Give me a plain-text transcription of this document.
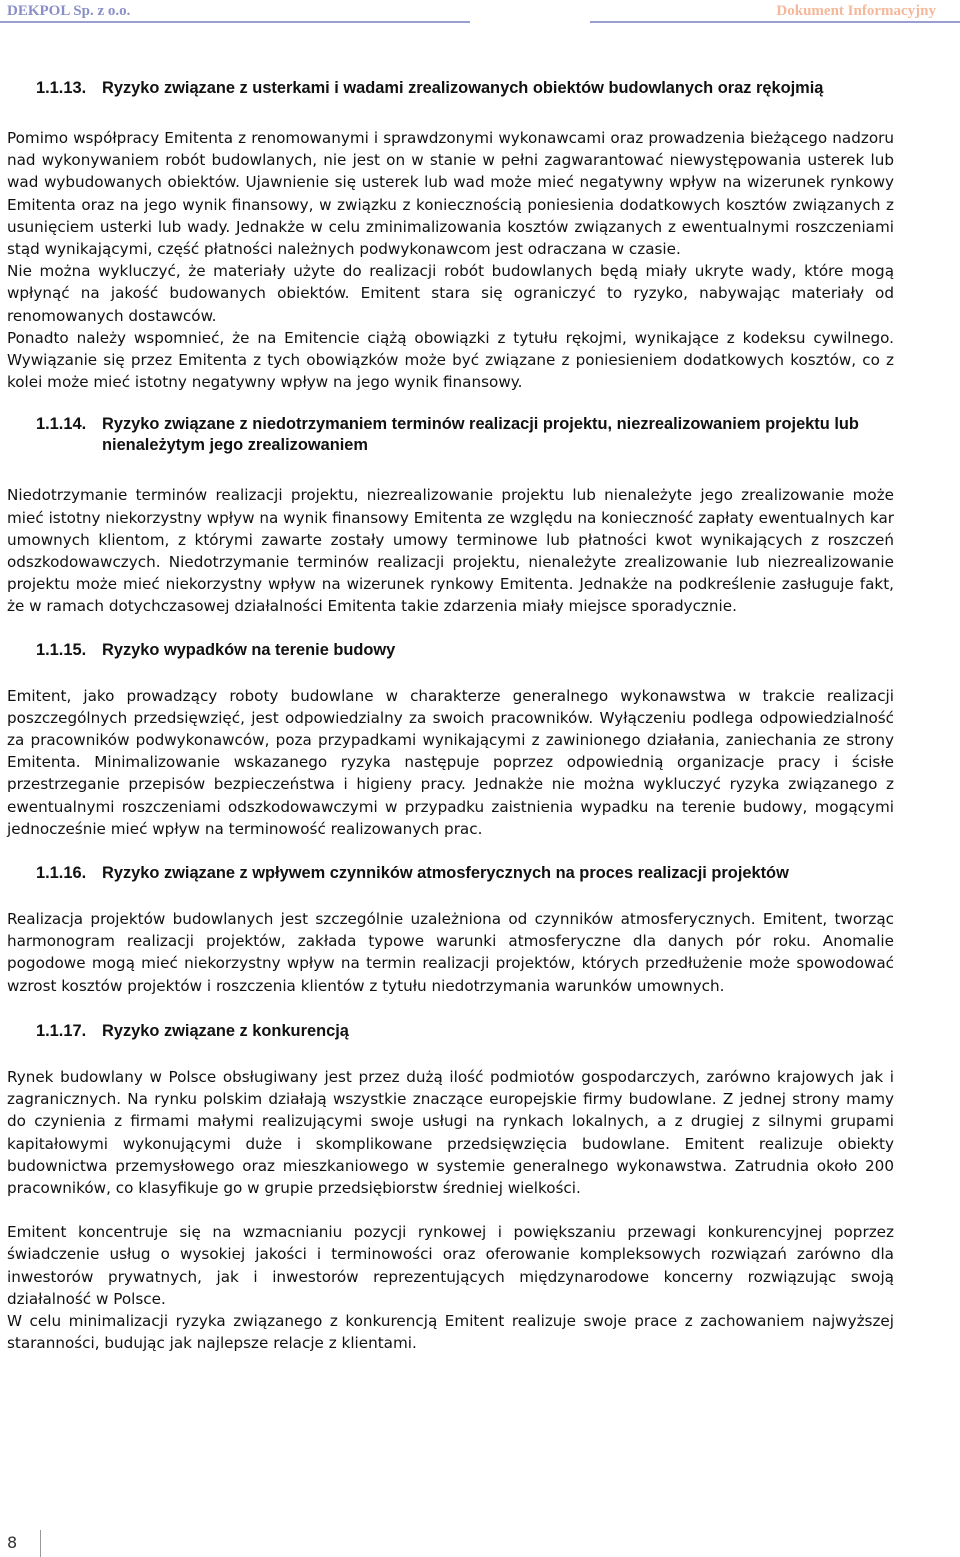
DEKPOL Sp. z o.o.	Dokument Informacyjny
1.1.13. Ryzyko związane z usterkami i wadami zrealizowanych obiektów budowlanych oraz rękojmią

Pomimo współpracy Emitenta z renomowanymi i sprawdzonymi wykonawcami oraz prowadzenia bieżącego nadzoru nad wykonywaniem robót budowlanych, nie jest on w stanie w pełni zagwarantować niewystępowania usterek lub wad wybudowanych obiektów. Ujawnienie się usterek lub wad może mieć negatywny wpływ na wizerunek rynkowy Emitenta oraz na jego wynik finansowy, w związku z koniecznością poniesienia dodatkowych kosztów związanych z usunięciem usterki lub wady. Jednakże w celu zminimalizowania kosztów związanych z ewentualnymi roszczeniami stąd wynikającymi, część płatności należnych podwykonawcom jest odraczana w czasie.

Nie można wykluczyć, że materiały użyte do realizacji robót budowlanych będą miały ukryte wady, które mogą wpłynąć na jakość budowanych obiektów. Emitent stara się ograniczyć to ryzyko, nabywając materiały od renomowanych dostawców.

Ponadto należy wspomnieć, że na Emitencie ciążą obowiązki z tytułu rękojmi, wynikające z kodeksu cywilnego. Wywiązanie się przez Emitenta z tych obowiązków może być związane z poniesieniem dodatkowych kosztów, co z kolei może mieć istotny negatywny wpływ na jego wynik finansowy.

1.1.14. Ryzyko związane z niedotrzymaniem terminów realizacji projektu, niezrealizowaniem projektu lub nienależytym jego zrealizowaniem

Niedotrzymanie terminów realizacji projektu, niezrealizowanie projektu lub nienależyte jego zrealizowanie może mieć istotny niekorzystny wpływ na wynik finansowy Emitenta ze względu na konieczność zapłaty ewentualnych kar umownych klientom, z którymi zawarte zostały umowy terminowe lub płatności kwot wynikających z roszczeń odszkodowawczych. Niedotrzymanie terminów realizacji projektu, nienależyte zrealizowanie lub niezrealizowanie projektu może mieć niekorzystny wpływ na wizerunek rynkowy Emitenta. Jednakże na podkreślenie zasługuje fakt, że w ramach dotychczasowej działalności Emitenta takie zdarzenia miały miejsce sporadycznie.

1.1.15. Ryzyko wypadków na terenie budowy

Emitent, jako prowadzący roboty budowlane w charakterze generalnego wykonawstwa w trakcie realizacji poszczególnych przedsięwzięć, jest odpowiedzialny za swoich pracowników. Wyłączeniu podlega odpowiedzialność za pracowników podwykonawców, poza przypadkami wynikającymi z zawinionego działania, zaniechania ze strony Emitenta. Minimalizowanie wskazanego ryzyka następuje poprzez odpowiednią organizacje pracy i ścisłe przestrzeganie przepisów bezpieczeństwa i higieny pracy. Jednakże nie można wykluczyć ryzyka związanego z ewentualnymi roszczeniami odszkodowawczymi w przypadku zaistnienia wypadku na terenie budowy, mogącymi jednocześnie mieć wpływ na terminowość realizowanych prac.

1.1.16. Ryzyko związane z wpływem czynników atmosferycznych na proces realizacji projektów

Realizacja projektów budowlanych jest szczególnie uzależniona od czynników atmosferycznych. Emitent, tworząc harmonogram realizacji projektów, zakłada typowe warunki atmosferyczne dla danych pór roku. Anomalie pogodowe mogą mieć niekorzystny wpływ na termin realizacji projektów, których przedłużenie może spowodować wzrost kosztów projektów i roszczenia klientów z tytułu niedotrzymania warunków umownych.

1.1.17. Ryzyko związane z konkurencją

Rynek budowlany w Polsce obsługiwany jest przez dużą ilość podmiotów gospodarczych, zarówno krajowych jak i zagranicznych. Na rynku polskim działają wszystkie znaczące europejskie firmy budowlane. Z jednej strony mamy do czynienia z firmami małymi realizującymi swoje usługi na rynkach lokalnych, a z drugiej z silnymi grupami kapitałowymi wykonującymi duże i skomplikowane przedsięwzięcia budowlane. Emitent realizuje obiekty budownictwa przemysłowego oraz mieszkaniowego w systemie generalnego wykonawstwa. Zatrudnia około 200 pracowników, co klasyfikuje go w grupie przedsiębiorstw średniej wielkości.

Emitent koncentruje się na wzmacnianiu pozycji rynkowej i powiększaniu przewagi konkurencyjnej poprzez świadczenie usług o wysokiej jakości i terminowości oraz oferowanie kompleksowych rozwiązań zarówno dla inwestorów prywatnych, jak i inwestorów reprezentujących międzynarodowe koncerny rozwiązując swoją działalność w Polsce.

W celu minimalizacji ryzyka związanego z konkurencją Emitent realizuje swoje prace z zachowaniem najwyższej staranności, budując jak najlepsze relacje z klientami.

8
